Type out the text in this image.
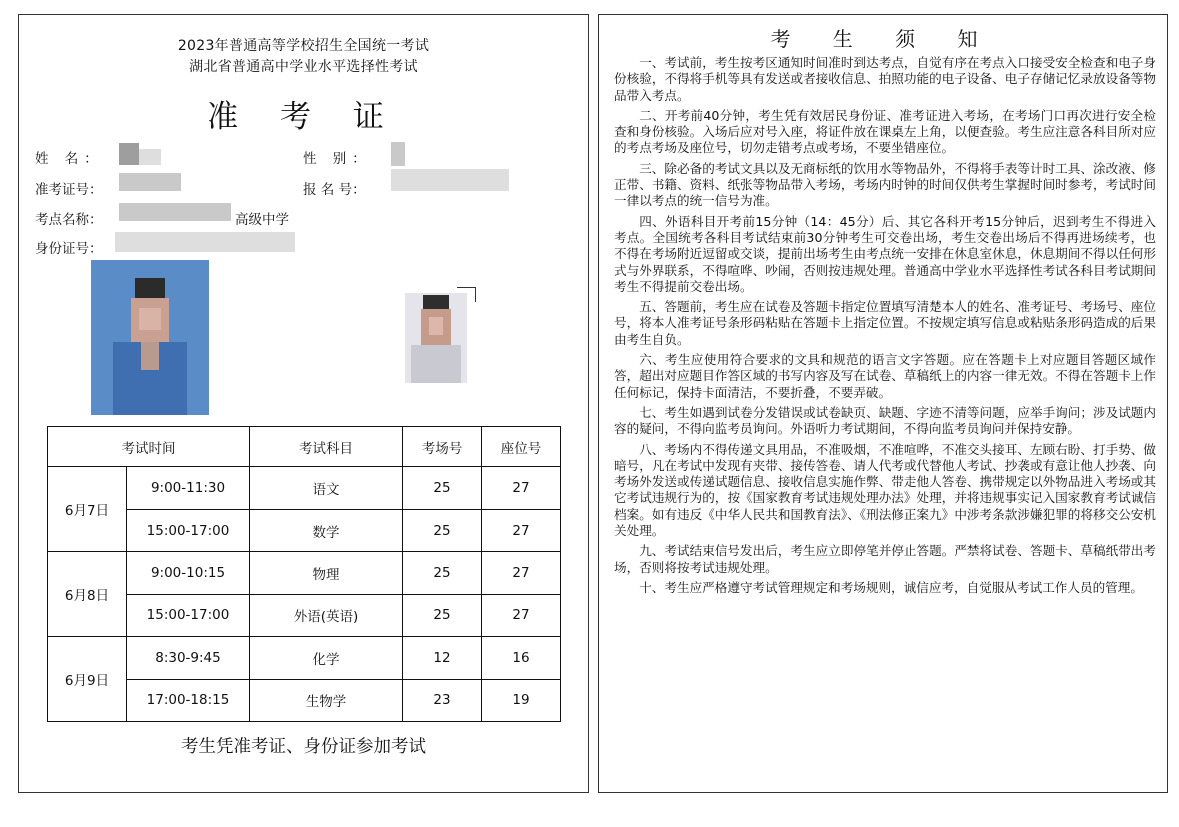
2023年普通高等学校招生全国统一考试
湖北省普通高中学业水平选择性考试
准 考 证
姓 名：	性 别：
准考证号：	报 名 号：
考点名称：	高级中学
身份证号：
考试时间		考试科目	考场号	座位号
6月7日	9:00-11:30	语文	25	27
	15:00-17:00	数学	25	27
6月8日	9:00-10:15	物理	25	27
	15:00-17:00	外语(英语)	25	27
6月9日	8:30-9:45	化学	12	16
	17:00-18:15	生物学	23	19
考生凭准考证、身份证参加考试
考 生 须 知

一、考试前，考生按考区通知时间准时到达考点，自觉有序在考点入口接受安全检查和电子身份核验，不得将手机等具有发送或者接收信息、拍照功能的电子设备、电子存储记忆录放设备等物品带入考点。

二、开考前40分钟，考生凭有效居民身份证、准考证进入考场，在考场门口再次进行安全检查和身份核验。入场后应对号入座，将证件放在课桌左上角，以便查验。考生应注意各科目所对应的考点考场及座位号，切勿走错考点或考场，不要坐错座位。

三、除必备的考试文具以及无商标纸的饮用水等物品外，不得将手表等计时工具、涂改液、修正带、书籍、资料、纸张等物品带入考场，考场内时钟的时间仅供考生掌握时间时参考，考试时间一律以考点的统一信号为准。

四、外语科目开考前15分钟（14：45分）后、其它各科开考15分钟后，迟到考生不得进入考点。全国统考各科目考试结束前30分钟考生可交卷出场，考生交卷出场后不得再进场续考，也不得在考场附近逗留或交谈，提前出场考生由考点统一安排在休息室休息，休息期间不得以任何形式与外界联系，不得喧哗、吵闹，否则按违规处理。普通高中学业水平选择性考试各科目考试期间考生不得提前交卷出场。

五、答题前，考生应在试卷及答题卡指定位置填写清楚本人的姓名、准考证号、考场号、座位号，将本人准考证号条形码粘贴在答题卡上指定位置。不按规定填写信息或粘贴条形码造成的后果由考生自负。

六、考生应使用符合要求的文具和规范的语言文字答题。应在答题卡上对应题目答题区域作答，超出对应题目作答区域的书写内容及写在试卷、草稿纸上的内容一律无效。不得在答题卡上作任何标记，保持卡面清洁，不要折叠，不要弄破。

七、考生如遇到试卷分发错误或试卷缺页、缺题、字迹不清等问题，应举手询问；涉及试题内容的疑问，不得向监考员询问。外语听力考试期间，不得向监考员询问并保持安静。

八、考场内不得传递文具用品，不准吸烟，不准喧哗，不准交头接耳、左顾右盼、打手势、做暗号，凡在考试中发现有夹带、接传答卷、请人代考或代替他人考试、抄袭或有意让他人抄袭、向考场外发送或传递试题信息、接收信息实施作弊、带走他人答卷、携带规定以外物品进入考场或其它考试违规行为的，按《国家教育考试违规处理办法》处理，并将违规事实记入国家教育考试诚信档案。如有违反《中华人民共和国教育法》、《刑法修正案九》中涉考条款涉嫌犯罪的将移交公安机关处理。

九、考试结束信号发出后，考生应立即停笔并停止答题。严禁将试卷、答题卡、草稿纸带出考场，否则将按考试违规处理。

十、考生应严格遵守考试管理规定和考场规则，诚信应考，自觉服从考试工作人员的管理。
